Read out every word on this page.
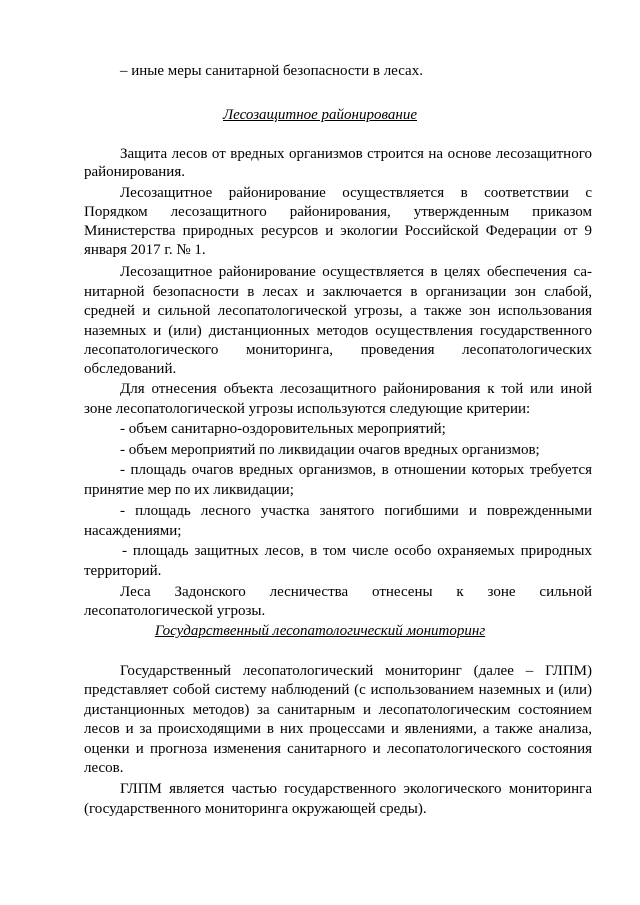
– иные меры санитарной безопасности в лесах.
Лесозащитное районирование
Защита лесов от вредных организмов строится на основе лесозащитного
районирования.
Лесозащитное районирование осуществляется в соответствии с
Порядком лесозащитного районирования, утвержденным приказом
Министерства природных ресурсов и экологии Российской Федерации от 9
января 2017 г. № 1.
Лесозащитное районирование осуществляется в целях обеспечения са-
нитарной безопасности в лесах и заключается в организации зон слабой,
средней и сильной лесопатологической угрозы, а также зон использования
наземных и (или) дистанционных методов осуществления государственного
лесопатологического мониторинга, проведения лесопатологических
обследований.
Для отнесения объекта лесозащитного районирования к той или иной
зоне лесопатологической угрозы используются следующие критерии:
- объем санитарно-оздоровительных мероприятий;
- объем мероприятий по ликвидации очагов вредных организмов;
- площадь очагов вредных организмов, в отношении которых требуется
принятие мер по их ликвидации;
- площадь лесного участка занятого погибшими и поврежденными
насаждениями;
- площадь защитных лесов, в том числе особо охраняемых природных
территорий.
Леса Задонского лесничества отнесены к зоне сильной
лесопатологической угрозы.
Государственный лесопатологический мониторинг
Государственный лесопатологический мониторинг (далее – ГЛПМ)
представляет собой систему наблюдений (с использованием наземных и (или)
дистанционных методов) за санитарным и лесопатологическим состоянием
лесов и за происходящими в них процессами и явлениями, а также анализа,
оценки и прогноза изменения санитарного и лесопатологического состояния
лесов.
ГЛПМ является частью государственного экологического мониторинга
(государственного мониторинга окружающей среды).
